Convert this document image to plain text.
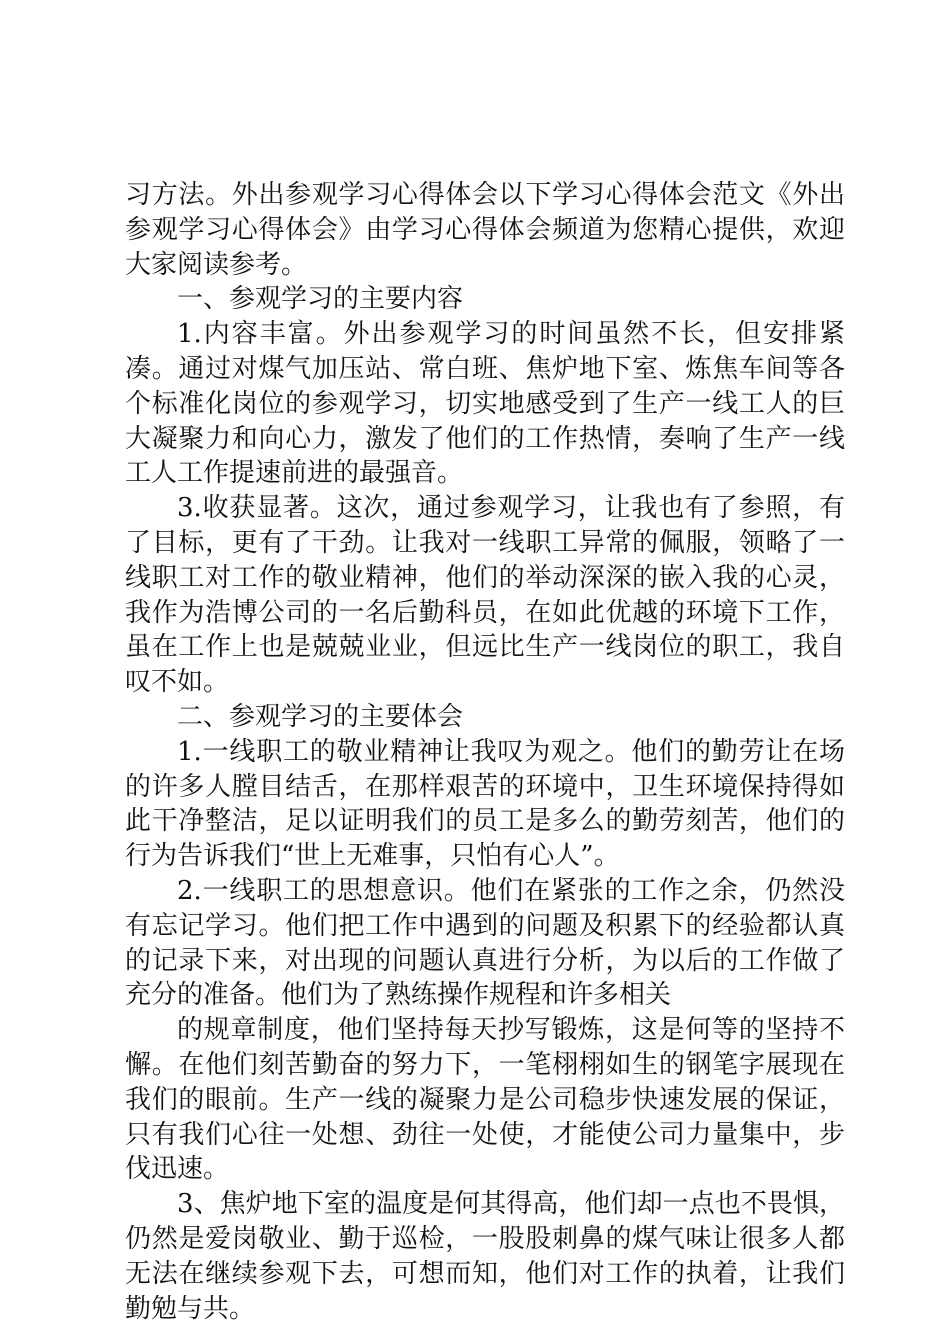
习方法。外出参观学习心得体会以下学习心得体会范文《外出参观学习心得体会》由学习心得体会频道为您精心提供，欢迎大家阅读参考。

一、参观学习的主要内容

1.内容丰富。外出参观学习的时间虽然不长，但安排紧凑。通过对煤气加压站、常白班、焦炉地下室、炼焦车间等各个标准化岗位的参观学习，切实地感受到了生产一线工人的巨大凝聚力和向心力，激发了他们的工作热情，奏响了生产一线工人工作提速前进的最强音。

3.收获显著。这次，通过参观学习，让我也有了参照，有了目标，更有了干劲。让我对一线职工异常的佩服，领略了一线职工对工作的敬业精神，他们的举动深深的嵌入我的心灵，我作为浩博公司的一名后勤科员，在如此优越的环境下工作，虽在工作上也是兢兢业业，但远比生产一线岗位的职工，我自叹不如。

二、参观学习的主要体会

1.一线职工的敬业精神让我叹为观之。他们的勤劳让在场的许多人膛目结舌，在那样艰苦的环境中，卫生环境保持得如此干净整洁，足以证明我们的员工是多么的勤劳刻苦，他们的行为告诉我们“世上无难事，只怕有心人”。

2.一线职工的思想意识。他们在紧张的工作之余，仍然没有忘记学习。他们把工作中遇到的问题及积累下的经验都认真的记录下来，对出现的问题认真进行分析，为以后的工作做了充分的准备。他们为了熟练操作规程和许多相关

的规章制度，他们坚持每天抄写锻炼，这是何等的坚持不懈。在他们刻苦勤奋的努力下，一笔栩栩如生的钢笔字展现在我们的眼前。生产一线的凝聚力是公司稳步快速发展的保证，只有我们心往一处想、劲往一处使，才能使公司力量集中，步伐迅速。

3、焦炉地下室的温度是何其得高，他们却一点也不畏惧，仍然是爱岗敬业、勤于巡检，一股股刺鼻的煤气味让很多人都无法在继续参观下去，可想而知，他们对工作的执着，让我们勤勉与共。
